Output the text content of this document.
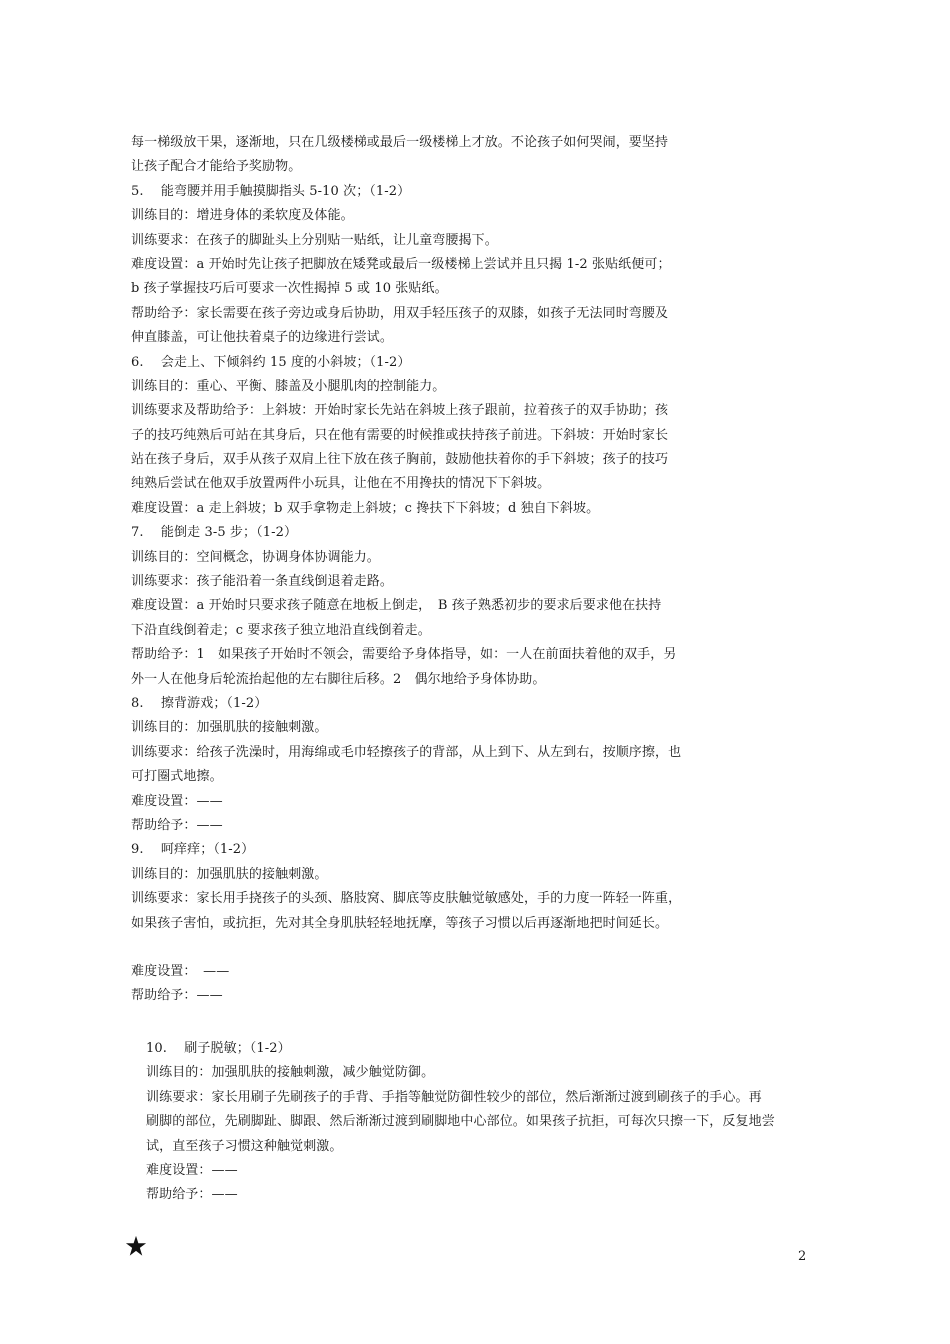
每一梯级放干果，逐渐地，只在几级楼梯或最后一级楼梯上才放。不论孩子如何哭闹，要坚持
让孩子配合才能给予奖励物。
5.　 能弯腰并用手触摸脚指头 5-10 次；（1-2）
训练目的：增进身体的柔软度及体能。
训练要求：在孩子的脚趾头上分别贴一贴纸，让儿童弯腰揭下。
难度设置：a 开始时先让孩子把脚放在矮凳或最后一级楼梯上尝试并且只揭 1-2 张贴纸便可；
b 孩子掌握技巧后可要求一次性揭掉 5 或 10 张贴纸。
帮助给予：家长需要在孩子旁边或身后协助，用双手轻压孩子的双膝，如孩子无法同时弯腰及
伸直膝盖，可让他扶着桌子的边缘进行尝试。
6.　 会走上、下倾斜约 15 度的小斜坡；（1-2）
训练目的：重心、平衡、膝盖及小腿肌肉的控制能力。
训练要求及帮助给予：上斜坡：开始时家长先站在斜坡上孩子跟前，拉着孩子的双手协助；孩
子的技巧纯熟后可站在其身后，只在他有需要的时候推或扶持孩子前进。下斜坡：开始时家长
站在孩子身后，双手从孩子双肩上往下放在孩子胸前，鼓励他扶着你的手下斜坡；孩子的技巧
纯熟后尝试在他双手放置两件小玩具，让他在不用搀扶的情况下下斜坡。
难度设置：a 走上斜坡；b 双手拿物走上斜坡；c 搀扶下下斜坡；d 独自下斜坡。
7.　 能倒走 3-5 步；（1-2）
训练目的：空间概念，协调身体协调能力。
训练要求：孩子能沿着一条直线倒退着走路。
难度设置：a 开始时只要求孩子随意在地板上倒走，　B 孩子熟悉初步的要求后要求他在扶持
下沿直线倒着走；c 要求孩子独立地沿直线倒着走。
帮助给予：1　如果孩子开始时不领会，需要给予身体指导，如：一人在前面扶着他的双手，另
外一人在他身后轮流抬起他的左右脚往后移。2　偶尔地给予身体协助。
8.　 擦背游戏；（1-2）
训练目的：加强肌肤的接触刺激。
训练要求：给孩子洗澡时，用海绵或毛巾轻擦孩子的背部，从上到下、从左到右，按顺序擦，也
可打圈式地擦。
难度设置：——
帮助给予：——
9.　 呵痒痒；（1-2）
训练目的：加强肌肤的接触刺激。
训练要求：家长用手挠孩子的头颈、胳肢窝、脚底等皮肤触觉敏感处，手的力度一阵轻一阵重，
如果孩子害怕，或抗拒，先对其全身肌肤轻轻地抚摩，等孩子习惯以后再逐渐地把时间延长。
难度设置：　——
帮助给予：——
10.　 刷子脱敏；（1-2）
训练目的：加强肌肤的接触刺激，减少触觉防御。
训练要求：家长用刷子先刷孩子的手背、手指等触觉防御性较少的部位，然后渐渐过渡到刷孩子的手心。再
刷脚的部位，先刷脚趾、脚跟、然后渐渐过渡到刷脚地中心部位。如果孩子抗拒，可每次只擦一下，反复地尝
试，直至孩子习惯这种触觉刺激。
难度设置：——
帮助给予：——
2
